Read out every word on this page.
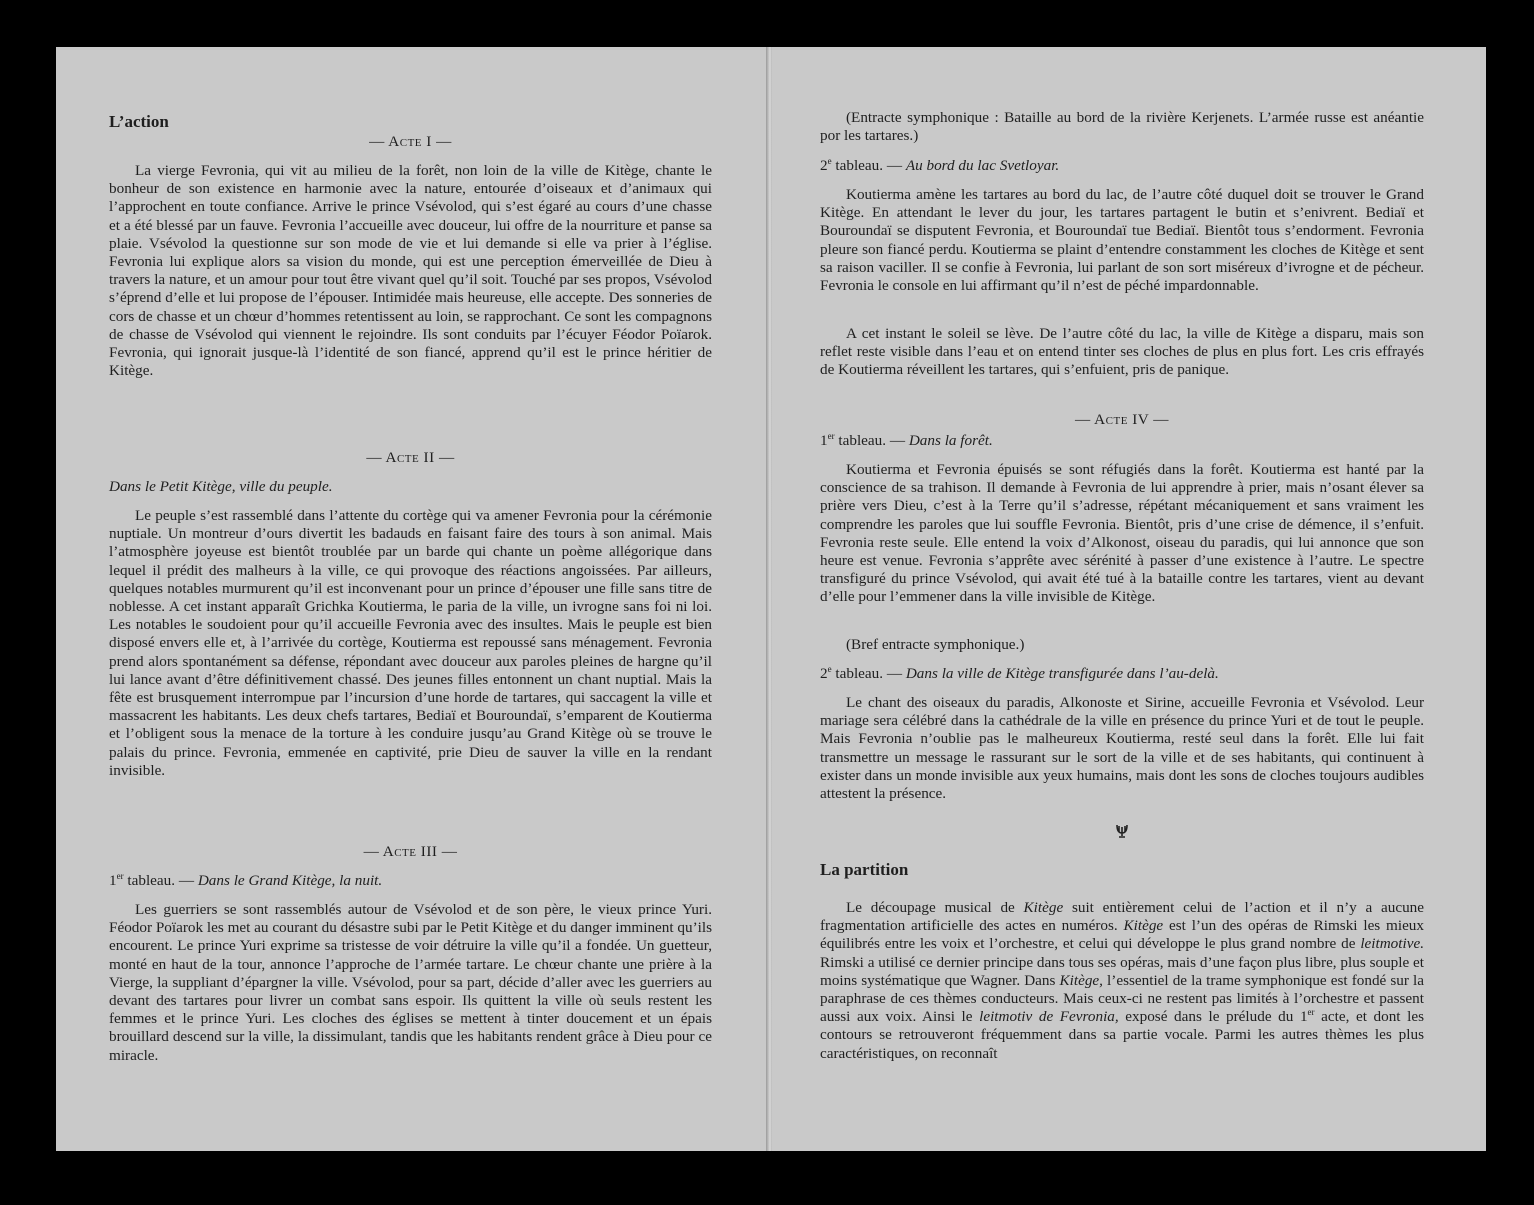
L’action
— Acte I —

La vierge Fevronia, qui vit au milieu de la forêt, non loin de la ville de Kitège, chante le bonheur de son existence en harmonie avec la nature, entourée d’oiseaux et d’animaux qui l’approchent en toute confiance. Arrive le prince Vsévolod, qui s’est égaré au cours d’une chasse et a été blessé par un fauve. Fevronia l’accueille avec douceur, lui offre de la nourriture et panse sa plaie. Vsévolod la questionne sur son mode de vie et lui demande si elle va prier à l’église. Fevronia lui explique alors sa vision du monde, qui est une perception émerveillée de Dieu à travers la nature, et un amour pour tout être vivant quel qu’il soit. Touché par ses propos, Vsévolod s’éprend d’elle et lui propose de l’épouser. Intimidée mais heureuse, elle accepte. Des sonneries de cors de chasse et un chœur d’hommes retentissent au loin, se rapprochant. Ce sont les compagnons de chasse de Vsévolod qui viennent le rejoindre. Ils sont conduits par l’écuyer Féodor Poïarok. Fevronia, qui ignorait jusque-là l’identité de son fiancé, apprend qu’il est le prince héritier de Kitège.

— Acte II —
Dans le Petit Kitège, ville du peuple.

Le peuple s’est rassemblé dans l’attente du cortège qui va amener Fevronia pour la cérémonie nuptiale. Un montreur d’ours divertit les badauds en faisant faire des tours à son animal. Mais l’atmosphère joyeuse est bientôt troublée par un barde qui chante un poème allégorique dans lequel il prédit des malheurs à la ville, ce qui provoque des réactions angoissées. Par ailleurs, quelques notables murmurent qu’il est inconvenant pour un prince d’épouser une fille sans titre de noblesse. A cet instant apparaît Grichka Koutierma, le paria de la ville, un ivrogne sans foi ni loi. Les notables le soudoient pour qu’il accueille Fevronia avec des insultes. Mais le peuple est bien disposé envers elle et, à l’arrivée du cortège, Koutierma est repoussé sans ménagement. Fevronia prend alors spontanément sa défense, répondant avec douceur aux paroles pleines de hargne qu’il lui lance avant d’être définitivement chassé. Des jeunes filles entonnent un chant nuptial. Mais la fête est brusquement interrompue par l’incursion d’une horde de tartares, qui saccagent la ville et massacrent les habitants. Les deux chefs tartares, Bediaï et Bouroundaï, s’emparent de Koutierma et l’obligent sous la menace de la torture à les conduire jusqu’au Grand Kitège où se trouve le palais du prince. Fevronia, emmenée en captivité, prie Dieu de sauver la ville en la rendant invisible.

— Acte III —
1er tableau. — Dans le Grand Kitège, la nuit.

Les guerriers se sont rassemblés autour de Vsévolod et de son père, le vieux prince Yuri. Féodor Poïarok les met au courant du désastre subi par le Petit Kitège et du danger imminent qu’ils encourent. Le prince Yuri exprime sa tristesse de voir détruire la ville qu’il a fondée. Un guetteur, monté en haut de la tour, annonce l’approche de l’armée tartare. Le chœur chante une prière à la Vierge, la suppliant d’épargner la ville. Vsévolod, pour sa part, décide d’aller avec les guerriers au devant des tartares pour livrer un combat sans espoir. Ils quittent la ville où seuls restent les femmes et le prince Yuri. Les cloches des églises se mettent à tinter doucement et un épais brouillard descend sur la ville, la dissimulant, tandis que les habitants rendent grâce à Dieu pour ce miracle.

(Entracte symphonique : Bataille au bord de la rivière Kerjenets. L’armée russe est anéantie por les tartares.)

2e tableau. — Au bord du lac Svetloyar.

Koutierma amène les tartares au bord du lac, de l’autre côté duquel doit se trouver le Grand Kitège. En attendant le lever du jour, les tartares partagent le butin et s’enivrent. Bediaï et Bouroundaï se disputent Fevronia, et Bouroundaï tue Bediaï. Bientôt tous s’endorment. Fevronia pleure son fiancé perdu. Koutierma se plaint d’entendre constamment les cloches de Kitège et sent sa raison vaciller. Il se confie à Fevronia, lui parlant de son sort miséreux d’ivrogne et de pécheur. Fevronia le console en lui affirmant qu’il n’est de péché impardonnable.

A cet instant le soleil se lève. De l’autre côté du lac, la ville de Kitège a disparu, mais son reflet reste visible dans l’eau et on entend tinter ses cloches de plus en plus fort. Les cris effrayés de Koutierma réveillent les tartares, qui s’enfuient, pris de panique.

— Acte IV —
1er tableau. — Dans la forêt.

Koutierma et Fevronia épuisés se sont réfugiés dans la forêt. Koutierma est hanté par la conscience de sa trahison. Il demande à Fevronia de lui apprendre à prier, mais n’osant élever sa prière vers Dieu, c’est à la Terre qu’il s’adresse, répétant mécaniquement et sans vraiment les comprendre les paroles que lui souffle Fevronia. Bientôt, pris d’une crise de démence, il s’enfuit. Fevronia reste seule. Elle entend la voix d’Alkonost, oiseau du paradis, qui lui annonce que son heure est venue. Fevronia s’apprête avec sérénité à passer d’une existence à l’autre. Le spectre transfiguré du prince Vsévolod, qui avait été tué à la bataille contre les tartares, vient au devant d’elle pour l’emmener dans la ville invisible de Kitège.

(Bref entracte symphonique.)

2e tableau. — Dans la ville de Kitège transfigurée dans l’au-delà.

Le chant des oiseaux du paradis, Alkonoste et Sirine, accueille Fevronia et Vsévolod. Leur mariage sera célébré dans la cathédrale de la ville en présence du prince Yuri et de tout le peuple. Mais Fevronia n’oublie pas le malheureux Koutierma, resté seul dans la forêt. Elle lui fait transmettre un message le rassurant sur le sort de la ville et de ses habitants, qui continuent à exister dans un monde invisible aux yeux humains, mais dont les sons de cloches toujours audibles attestent la présence.

La partition

Le découpage musical de Kitège suit entièrement celui de l’action et il n’y a aucune fragmentation artificielle des actes en numéros. Kitège est l’un des opéras de Rimski les mieux équilibrés entre les voix et l’orchestre, et celui qui développe le plus grand nombre de leitmotive. Rimski a utilisé ce dernier principe dans tous ses opéras, mais d’une façon plus libre, plus souple et moins systématique que Wagner. Dans Kitège, l’essentiel de la trame symphonique est fondé sur la paraphrase de ces thèmes conducteurs. Mais ceux-ci ne restent pas limités à l’orchestre et passent aussi aux voix. Ainsi le leitmotiv de Fevronia, exposé dans le prélude du 1er acte, et dont les contours se retrouveront fréquemment dans sa partie vocale. Parmi les autres thèmes les plus caractéristiques, on reconnaît
